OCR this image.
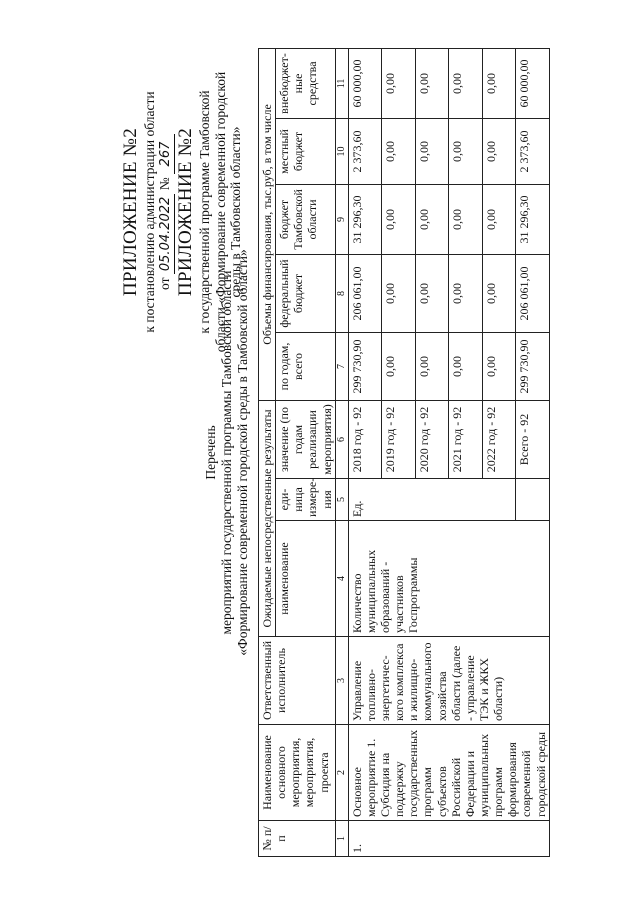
ПРИЛОЖЕНИЕ №2 к постановлению администрации области от 05.04.2022 № 267 ПРИЛОЖЕНИЕ №2 к государственной программе Тамбовской области «Формирование современной городской среды в Тамбовской области»
Перечень мероприятий государственной программы Тамбовской области «Формирование современной городской среды в Тамбовской области»
№ п/п	Наименование основного мероприятия, мероприятия, проекта	Ответственный исполнитель	Ожидаемые непосредственные результаты			Объемы финансирования, тыс.руб, в том числе				
			наименование	еди-ница измере-ния	значение (по годам реализации мероприятия)	по годам, всего	федеральный бюджет	бюджет Тамбовской области	местный бюджет	внебюджет-ные средства
1	2	3	4	5	6	7	8	9	10	11
1.	Основное мероприятие 1. Субсидия на поддержку государственных программ субъектов Российской Федерации и муниципальных программ формирования современной городской среды	Управление топливно-энергетичес-кого комплекса и жилищно-коммунального хозяйства области (далее - управление ТЭК и ЖКХ области)	Количество муниципальных образований - участников Госпрограммы	Ед.	2018 год - 92	299 730,90	206 061,00	31 296,30	2 373,60	60 000,00
					2019 год - 92	0,00	0,00	0,00	0,00	0,00
					2020 год - 92	0,00	0,00	0,00	0,00	0,00
					2021 год - 92	0,00	0,00	0,00	0,00	0,00
					2022 год - 92	0,00	0,00	0,00	0,00	0,00
					Всего - 92	299 730,90	206 061,00	31 296,30	2 373,60	60 000,00
